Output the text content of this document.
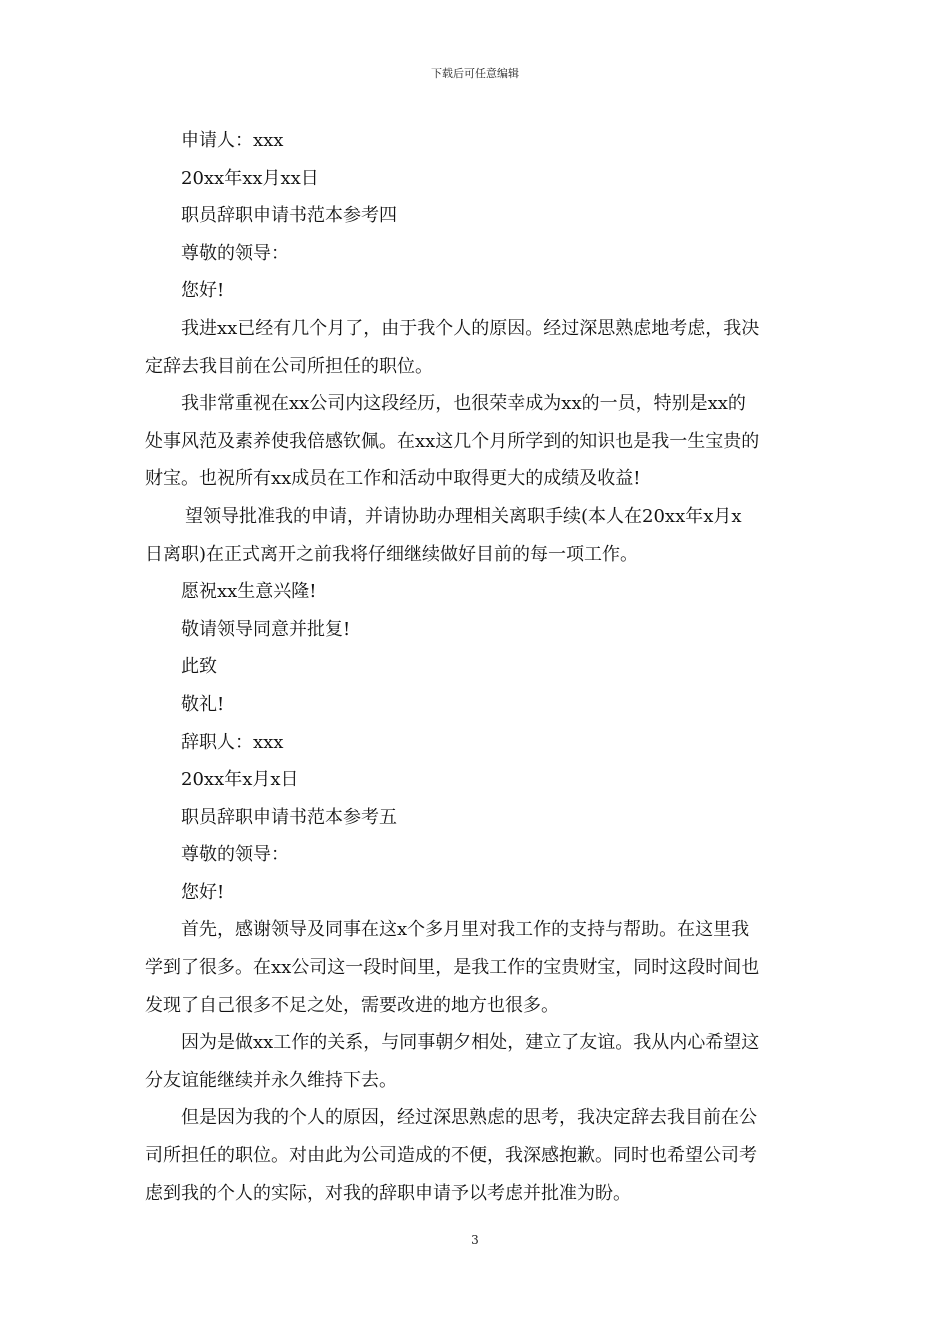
下载后可任意编辑
申请人：xxx
20xx年xx月xx日
职员辞职申请书范本参考四
尊敬的领导：
您好!
我进xx已经有几个月了，由于我个人的原因。经过深思熟虑地考虑，我决
定辞去我目前在公司所担任的职位。
我非常重视在xx公司内这段经历，也很荣幸成为xx的一员，特别是xx的
处事风范及素养使我倍感钦佩。在xx这几个月所学到的知识也是我一生宝贵的
财宝。也祝所有xx成员在工作和活动中取得更大的成绩及收益!
望领导批准我的申请，并请协助办理相关离职手续(本人在20xx年x月x
日离职)在正式离开之前我将仔细继续做好目前的每一项工作。
愿祝xx生意兴隆!
敬请领导同意并批复!
此致
敬礼!
辞职人：xxx
20xx年x月x日
职员辞职申请书范本参考五
尊敬的领导：
您好!
首先，感谢领导及同事在这x个多月里对我工作的支持与帮助。在这里我
学到了很多。在xx公司这一段时间里，是我工作的宝贵财宝，同时这段时间也
发现了自己很多不足之处，需要改进的地方也很多。
因为是做xx工作的关系，与同事朝夕相处，建立了友谊。我从内心希望这
分友谊能继续并永久维持下去。
但是因为我的个人的原因，经过深思熟虑的思考，我决定辞去我目前在公
司所担任的职位。对由此为公司造成的不便，我深感抱歉。同时也希望公司考
虑到我的个人的实际，对我的辞职申请予以考虑并批准为盼。
3
